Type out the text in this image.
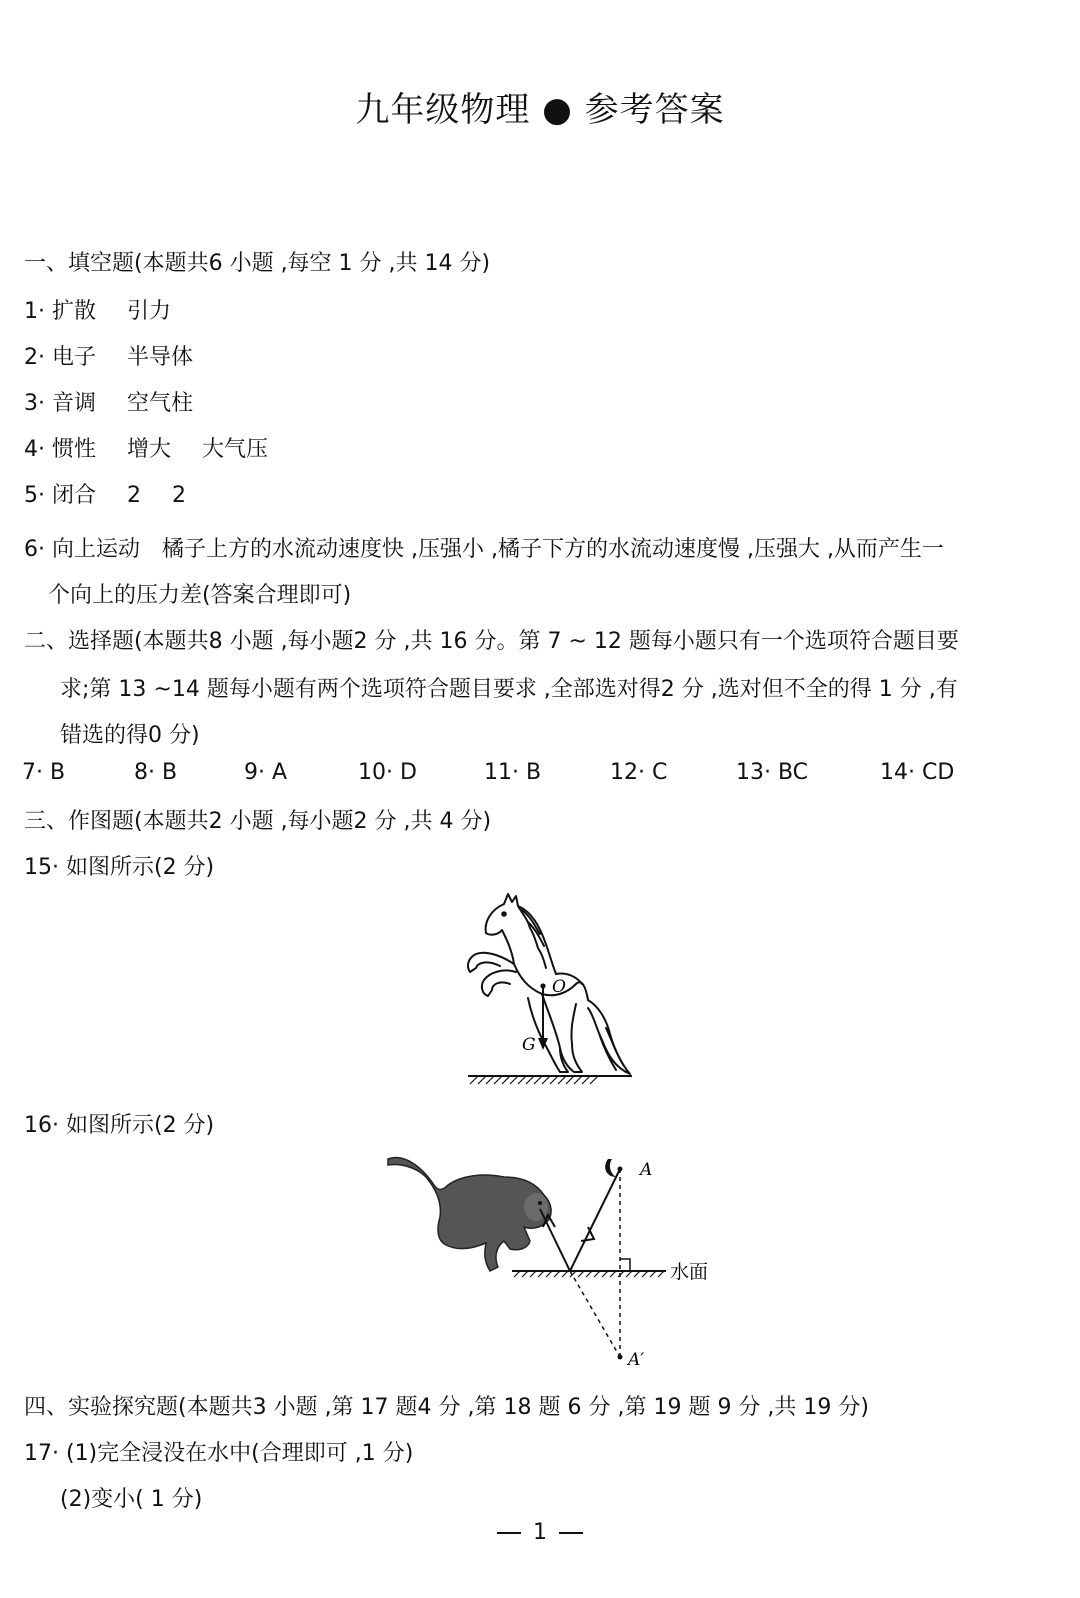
九年级物理 ● 参考答案
一、填空题(本题共6 小题 ,每空 1 分 ,共 14 分)
1· 扩散 引力
2· 电子 半导体
3· 音调 空气柱
4· 惯性 增大 大气压
5· 闭合 2 2
6· 向上运动　橘子上方的水流动速度快 ,压强小 ,橘子下方的水流动速度慢 ,压强大 ,从而产生一
个向上的压力差(答案合理即可)
二、选择题(本题共8 小题 ,每小题2 分 ,共 16 分。第 7 ~ 12 题每小题只有一个选项符合题目要
求;第 13 ~14 题每小题有两个选项符合题目要求 ,全部选对得2 分 ,选对但不全的得 1 分 ,有
错选的得0 分)
7· B	8· B	9· A	10· D	11· B	12· C	13· BC	14· CD
三、作图题(本题共2 小题 ,每小题2 分 ,共 4 分)
15· 如图所示(2 分)
O
G
16· 如图所示(2 分)
水面
A
A′
四、实验探究题(本题共3 小题 ,第 17 题4 分 ,第 18 题 6 分 ,第 19 题 9 分 ,共 19 分)
17· (1)完全浸没在水中(合理即可 ,1 分)
(2)变小( 1 分)
1
